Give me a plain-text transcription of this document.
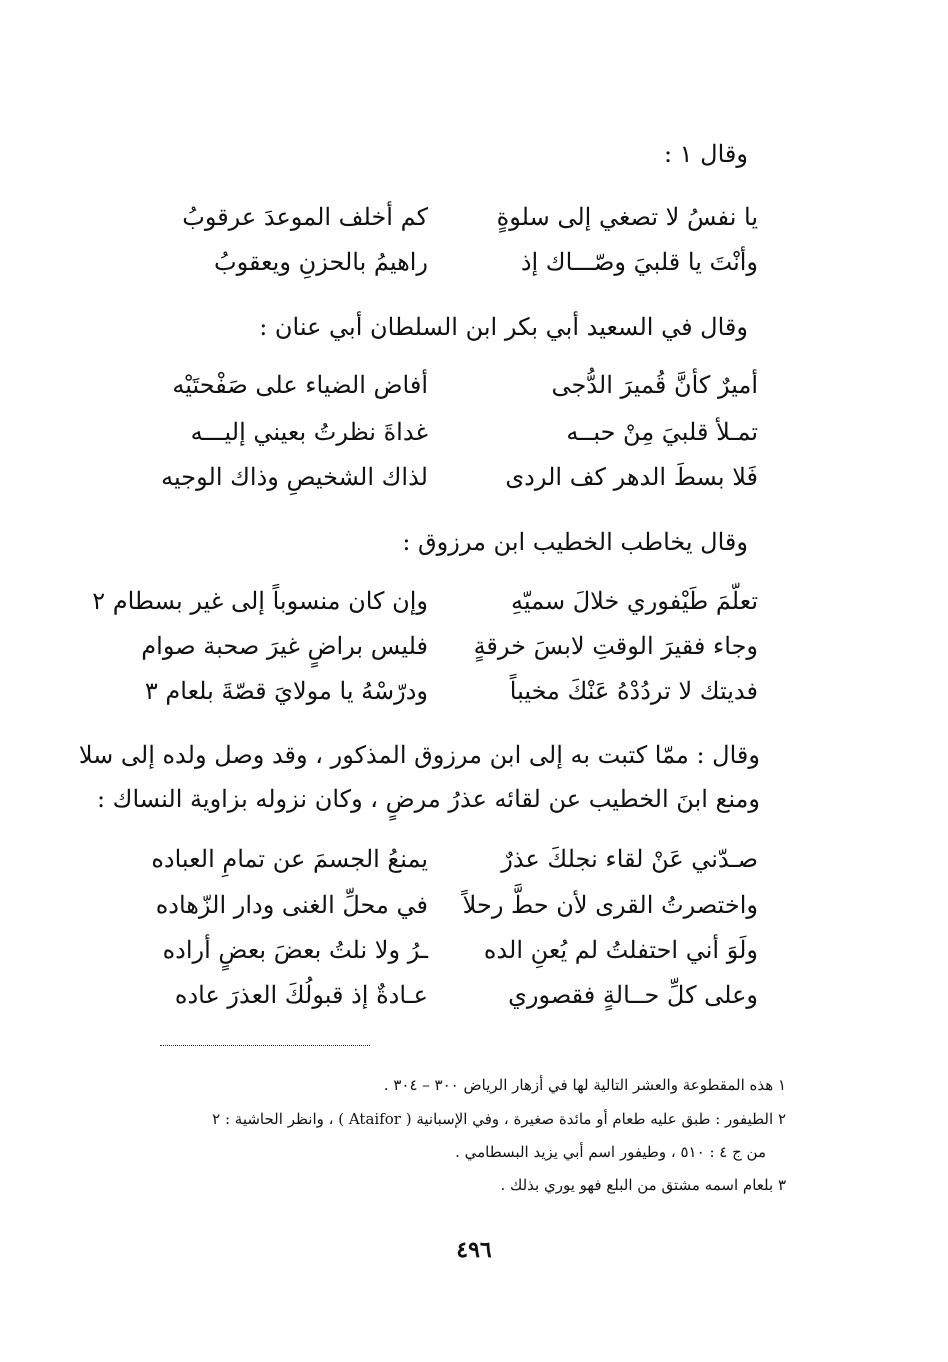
وقال ١ :
يا نفسُ لا تصغي إلى سلوةٍ
كم أخلف الموعدَ عرقوبُ
وأنْتَ يا قلبيَ وصّـــاك إذ
راهيمُ بالحزنِ ويعقوبُ
وقال في السعيد أبي بكر ابن السلطان أبي عنان :
أميرٌ كأنَّ قُميرَ الدُّجى
أفاض الضياء على صَفْحتَيْه
تمـلأ قلبيَ مِنْ حبــه
غداةَ نظرتُ بعيني إليـــه
فَلا بسطَ الدهر كف الردى
لذاك الشخيصِ وذاك الوجيه
وقال يخاطب الخطيب ابن مرزوق :
تعلّمَ طَيْفوري خلالَ سميّهِ
وإن كان منسوباً إلى غير بسطام ٢
وجاء فقيرَ الوقتِ لابسَ خرقةٍ
فليس براضٍ غيرَ صحبة صوام
فديتك لا تردُدْهُ عَنْكَ مخيباً
ودرّسْهُ يا مولايَ قصّةَ بلعام ٣
وقال : ممّا كتبت به إلى ابن مرزوق المذكور ، وقد وصل ولده إلى سلا
ومنع ابنَ الخطيب عن لقائه عذرُ مرضٍ ، وكان نزوله بزاوية النساك :
صـدّني عَنْ لقاء نجلكَ عذرٌ
يمنعُ الجسمَ عن تمامِ العباده
واختصرتُ القرى لأن حطَّ رحلاً
في محلِّ الغنى ودار الزّهاده
ولَوَ أني احتفلتُ لم يُعنِ الده
ـرُ ولا نلتُ بعضَ بعضٍ أراده
وعلى كلِّ حــالةٍ فقصوري
عـادةٌ إذ قبولُكَ العذرَ عاده
١ هذه المقطوعة والعشر التالية لها في أزهار الرياض ٣٠٠ – ٣٠٤ .
٢ الطيفور : طبق عليه طعام أو مائدة صغيرة ، وفي الإسبانية ( Ataifor ) ، وانظر الحاشية : ٢
من ج ٤ : ٥١٠ ، وطيفور اسم أبي يزيد البسطامي .
٣ بلعام اسمه مشتق من البلع فهو يوري بذلك .
٤٩٦
